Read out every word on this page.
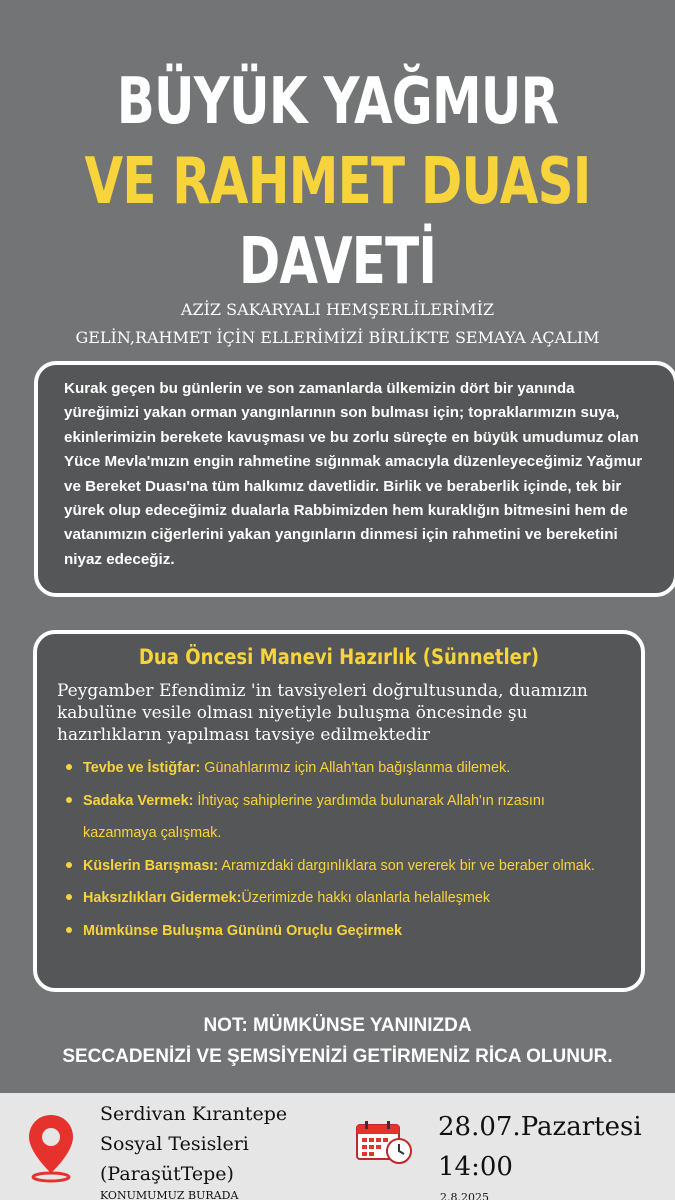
BÜYÜK YAĞMUR
VE RAHMET DUASI
DAVETİ
AZİZ SAKARYALI HEMŞERLİLERİMİZ
GELİN,RAHMET İÇİN ELLERİMİZİ BİRLİKTE SEMAYA AÇALIM

Kurak geçen bu günlerin ve son zamanlarda ülkemizin dört bir yanında yüreğimizi yakan orman yangınlarının son bulması için; topraklarımızın suya, ekinlerimizin berekete kavuşması ve bu zorlu süreçte en büyük umudumuz olan Yüce Mevla'mızın engin rahmetine sığınmak amacıyla düzenleyeceğimiz Yağmur ve Bereket Duası'na tüm halkımız davetlidir. Birlik ve beraberlik içinde, tek bir yürek olup edeceğimiz dualarla Rabbimizden hem kuraklığın bitmesini hem de vatanımızın ciğerlerini yakan yangınların dinmesi için rahmetini ve bereketini niyaz edeceğiz.

Dua Öncesi Manevi Hazırlık (Sünnetler)
Peygamber Efendimiz 'in tavsiyeleri doğrultusunda, duamızın kabulüne vesile olması niyetiyle buluşma öncesinde şu hazırlıkların yapılması tavsiye edilmektedir
Tevbe ve İstiğfar: Günahlarımız için Allah'tan bağışlanma dilemek.
Sadaka Vermek: İhtiyaç sahiplerine yardımda bulunarak Allah'ın rızasını kazanmaya çalışmak.
Küslerin Barışması: Aramızdaki dargınlıklara son vererek bir ve beraber olmak.
Haksızlıkları Gidermek:Üzerimizde hakkı olanlarla helalleşmek
Mümkünse Buluşma Gününü Oruçlu Geçirmek
NOT: MÜMKÜNSE YANINIZDA
SECCADENİZİ VE ŞEMSİYENİZİ GETİRMENİZ RİCA OLUNUR.
Serdivan Kırantepe
Sosyal Tesisleri
(ParaşütTepe)
KONUMUMUZ BURADA
28.07.Pazartesi
14:00
2.8.2025
